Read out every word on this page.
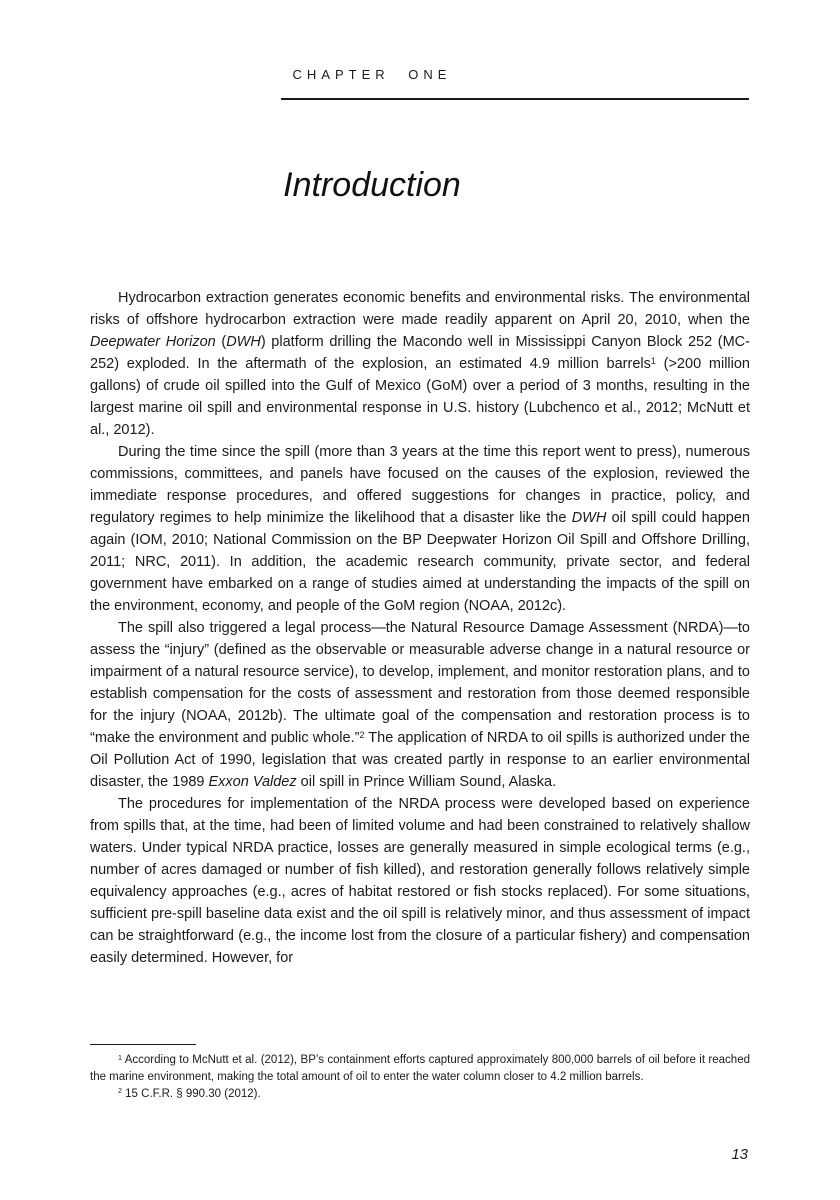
CHAPTER ONE
Introduction

Hydrocarbon extraction generates economic benefits and environmental risks. The environmental risks of offshore hydrocarbon extraction were made readily apparent on April 20, 2010, when the Deepwater Horizon (DWH) platform drilling the Macondo well in Mississippi Canyon Block 252 (MC-252) exploded. In the aftermath of the explosion, an estimated 4.9 million barrels$^1$ (>200 million gallons) of crude oil spilled into the Gulf of Mexico (GoM) over a period of 3 months, resulting in the largest marine oil spill and environmental response in U.S. history (Lubchenco et al., 2012; McNutt et al., 2012).

During the time since the spill (more than 3 years at the time this report went to press), numerous commissions, committees, and panels have focused on the causes of the explosion, reviewed the immediate response procedures, and offered suggestions for changes in practice, policy, and regulatory regimes to help minimize the likelihood that a disaster like the DWH oil spill could happen again (IOM, 2010; National Commission on the BP Deepwater Horizon Oil Spill and Offshore Drilling, 2011; NRC, 2011). In addition, the academic research community, private sector, and federal government have embarked on a range of studies aimed at understanding the impacts of the spill on the environment, economy, and people of the GoM region (NOAA, 2012c).

The spill also triggered a legal process—the Natural Resource Damage Assessment (NRDA)—to assess the “injury” (defined as the observable or measurable adverse change in a natural resource or impairment of a natural resource service), to develop, implement, and monitor restoration plans, and to establish compensation for the costs of assessment and restoration from those deemed responsible for the injury (NOAA, 2012b). The ultimate goal of the compensation and restoration process is to “make the environment and public whole.”$^2$ The application of NRDA to oil spills is authorized under the Oil Pollution Act of 1990, legislation that was created partly in response to an earlier environmental disaster, the 1989 Exxon Valdez oil spill in Prince William Sound, Alaska.

The procedures for implementation of the NRDA process were developed based on experience from spills that, at the time, had been of limited volume and had been constrained to relatively shallow waters. Under typical NRDA practice, losses are generally measured in simple ecological terms (e.g., number of acres damaged or number of fish killed), and restoration generally follows relatively simple equivalency approaches (e.g., acres of habitat restored or fish stocks replaced). For some situations, sufficient pre-spill baseline data exist and the oil spill is relatively minor, and thus assessment of impact can be straightforward (e.g., the income lost from the closure of a particular fishery) and compensation easily determined. However, for

$^1$ According to McNutt et al. (2012), BP’s containment efforts captured approximately 800,000 barrels of oil before it reached the marine environment, making the total amount of oil to enter the water column closer to 4.2 million barrels.

$^2$ 15 C.F.R. § 990.30 (2012).

13
